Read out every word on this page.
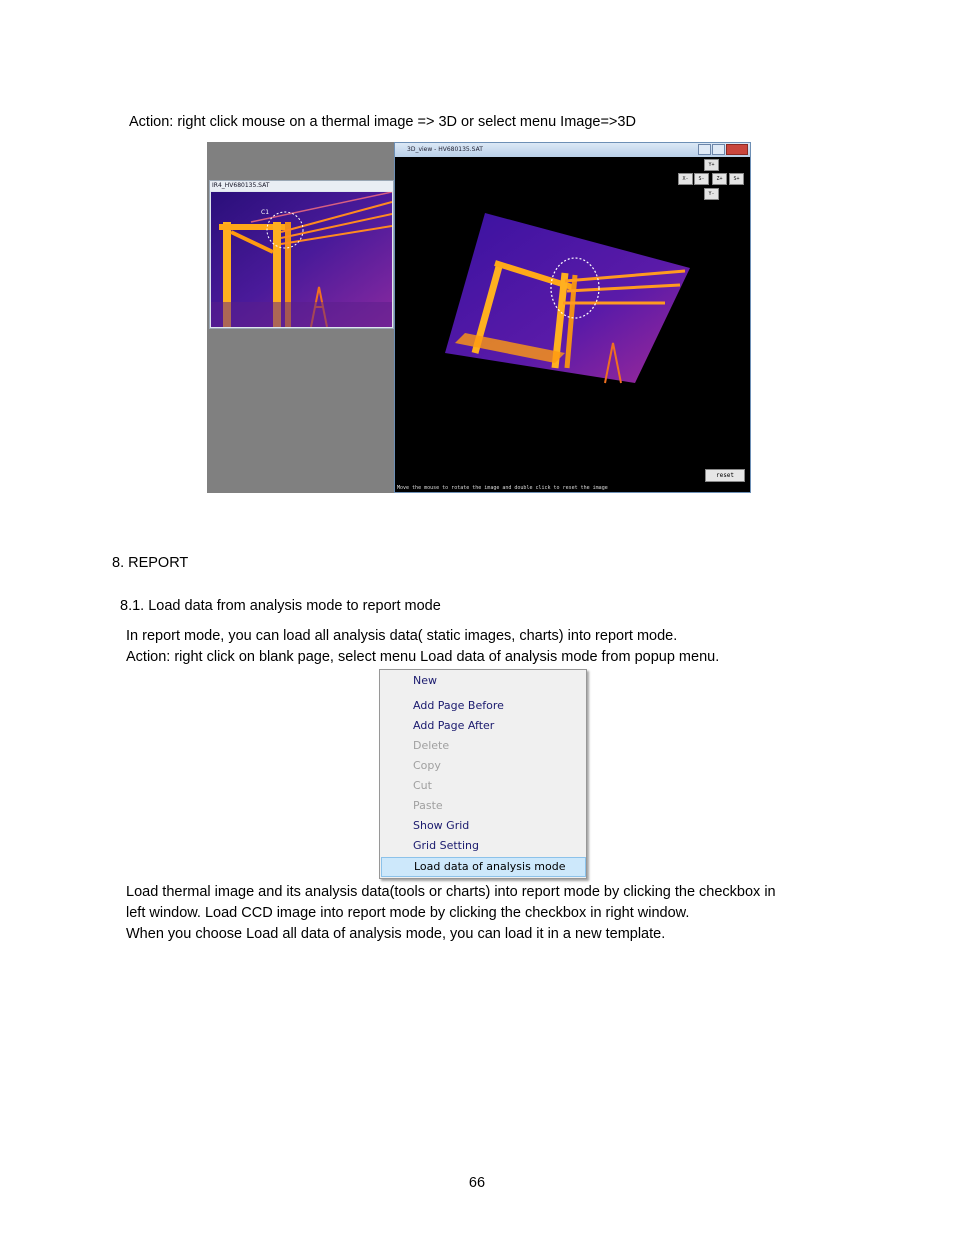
Action: right click mouse on a thermal image => 3D or select menu Image=>3D
IR4_HV680135.SAT
C1
3D_view - HV680135.SAT
Y+
X-	S-	Z+	S+
Y-
reset
Move the mouse to rotate the image and double click to reset the image
8. REPORT
8.1. Load data from analysis mode to report mode
In report mode, you can load all analysis data( static images, charts) into report mode.
Action: right click on blank page, select menu Load data of analysis mode from popup menu.
New
Add Page Before
Add Page After
Delete
Copy
Cut
Paste
Show Grid
Grid Setting
Load data of analysis mode
Load thermal image and its analysis data(tools or charts) into report mode by clicking the checkbox in
left window. Load CCD image into report mode by clicking the checkbox in right window.
When you choose Load all data of analysis mode, you can load it in a new template.
66
